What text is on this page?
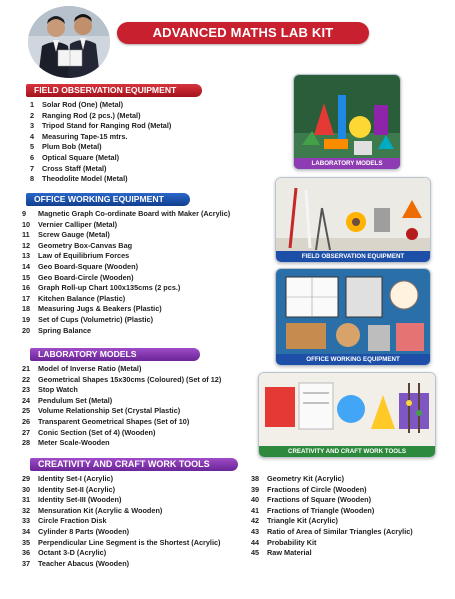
ADVANCED MATHS LAB KIT
FIELD OBSERVATION EQUIPMENT
1	Solar Rod (One) (Metal)
2	Ranging Rod (2 pcs.) (Metal)
3	Tripod Stand for Ranging Rod (Metal)
4	Measuring Tape-15 mtrs.
5	Plum Bob (Metal)
6	Optical Square (Metal)
7	Cross Staff (Metal)
8	Theodolite Model (Metal)
OFFICE WORKING EQUIPMENT
9	Magnetic Graph Co-ordinate Board with Maker (Acrylic)
10	Vernier Calliper (Metal)
11	Screw Gauge (Metal)
12	Geometry Box-Canvas Bag
13	Law of Equilibrium Forces
14	Geo Board-Square (Wooden)
15	Geo Board-Circle (Wooden)
16	Graph Roll-up Chart 100x135cms (2 pcs.)
17	Kitchen Balance (Plastic)
18	Measuring Jugs & Beakers (Plastic)
19	Set of Cups (Volumetric) (Plastic)
20	Spring Balance
LABORATORY MODELS
21	Model of Inverse Ratio (Metal)
22	Geometrical Shapes 15x30cms (Coloured) (Set of 12)
23	Stop Watch
24	Pendulum Set (Metal)
25	Volume Relationship Set (Crystal Plastic)
26	Transparent Geometrical Shapes (Set of 10)
27	Conic Section (Set of 4) (Wooden)
28	Meter Scale-Wooden
CREATIVITY AND CRAFT WORK TOOLS
29	Identity Set-I (Acrylic)
30	Identity Set-II (Acrylic)
31	Identity Set-III (Wooden)
32	Mensuration Kit (Acrylic & Wooden)
33	Circle Fraction Disk
34	Cylinder 8 Parts (Wooden)
35	Perpendicular Line Segment is the Shortest (Acrylic)
36	Octant 3-D (Acrylic)
37	Teacher Abacus (Wooden)
38	Geometry Kit (Acrylic)
39	Fractions of Circle (Wooden)
40	Fractions of Square (Wooden)
41	Fractions of Triangle (Wooden)
42	Triangle Kit (Acrylic)
43	Ratio of Area of Similar Triangles (Acrylic)
44	Probability Kit
45	Raw Material
LABORATORY MODELS
FIELD OBSERVATION EQUIPMENT
OFFICE WORKING EQUIPMENT
CREATIVITY AND CRAFT WORK TOOLS
